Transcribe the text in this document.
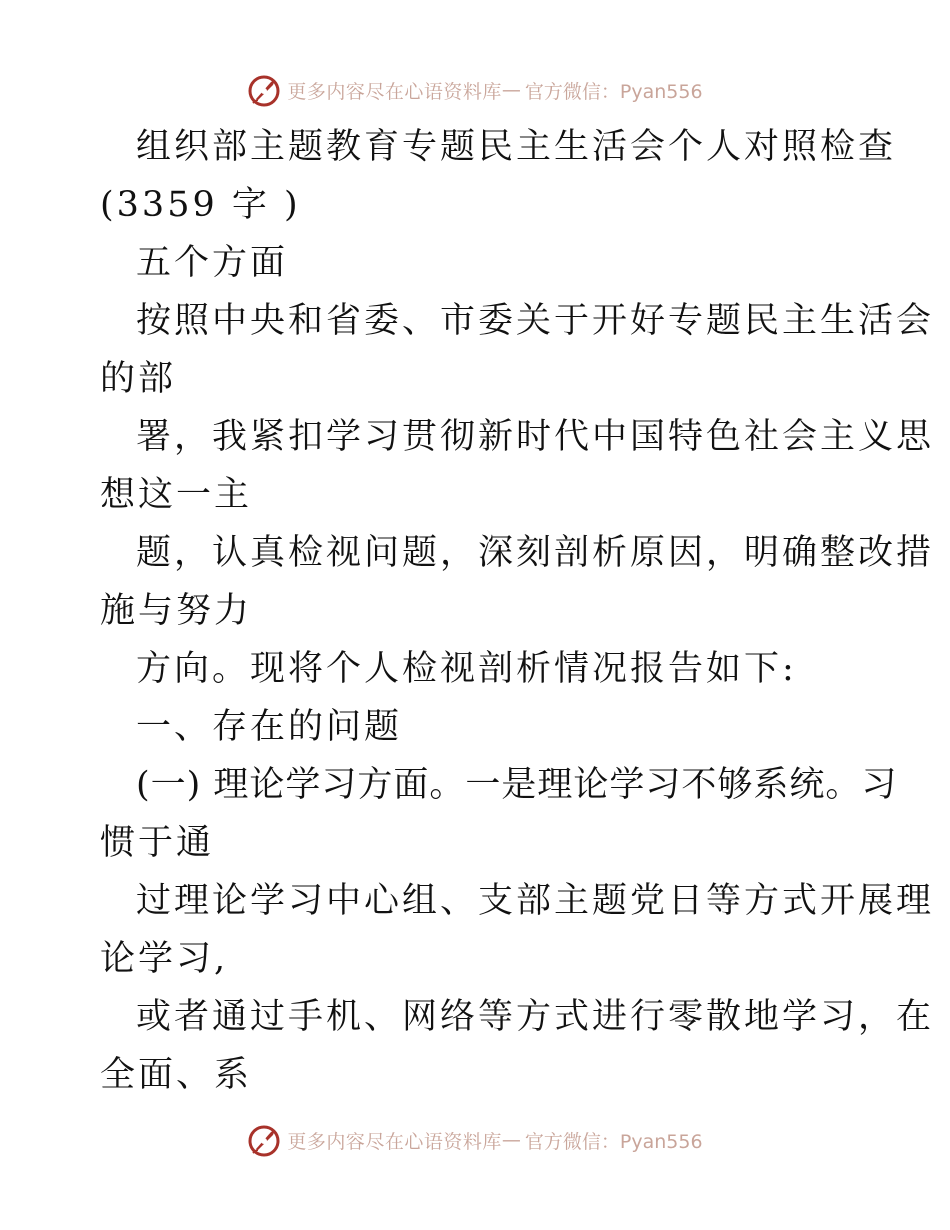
更多内容尽在心语资料库 — 官方微信：Pyan556
组织部主题教育专题民主生活会个人对照检查
(3359 字 )
五个方面
按照中央和省委、市委关于开好专题民主生活会
的部
署，我紧扣学习贯彻新时代中国特色社会主义思
想这一主
题，认真检视问题，深刻剖析原因，明确整改措
施与努力
方向。现将个人检视剖析情况报告如下:
一、存在的问题
(一) 理论学习方面。一是理论学习不够系统。习
惯于通
过理论学习中心组、支部主题党日等方式开展理
论学习,
或者通过手机、网络等方式进行零散地学习，在
全面、系
更多内容尽在心语资料库 — 官方微信：Pyan556
